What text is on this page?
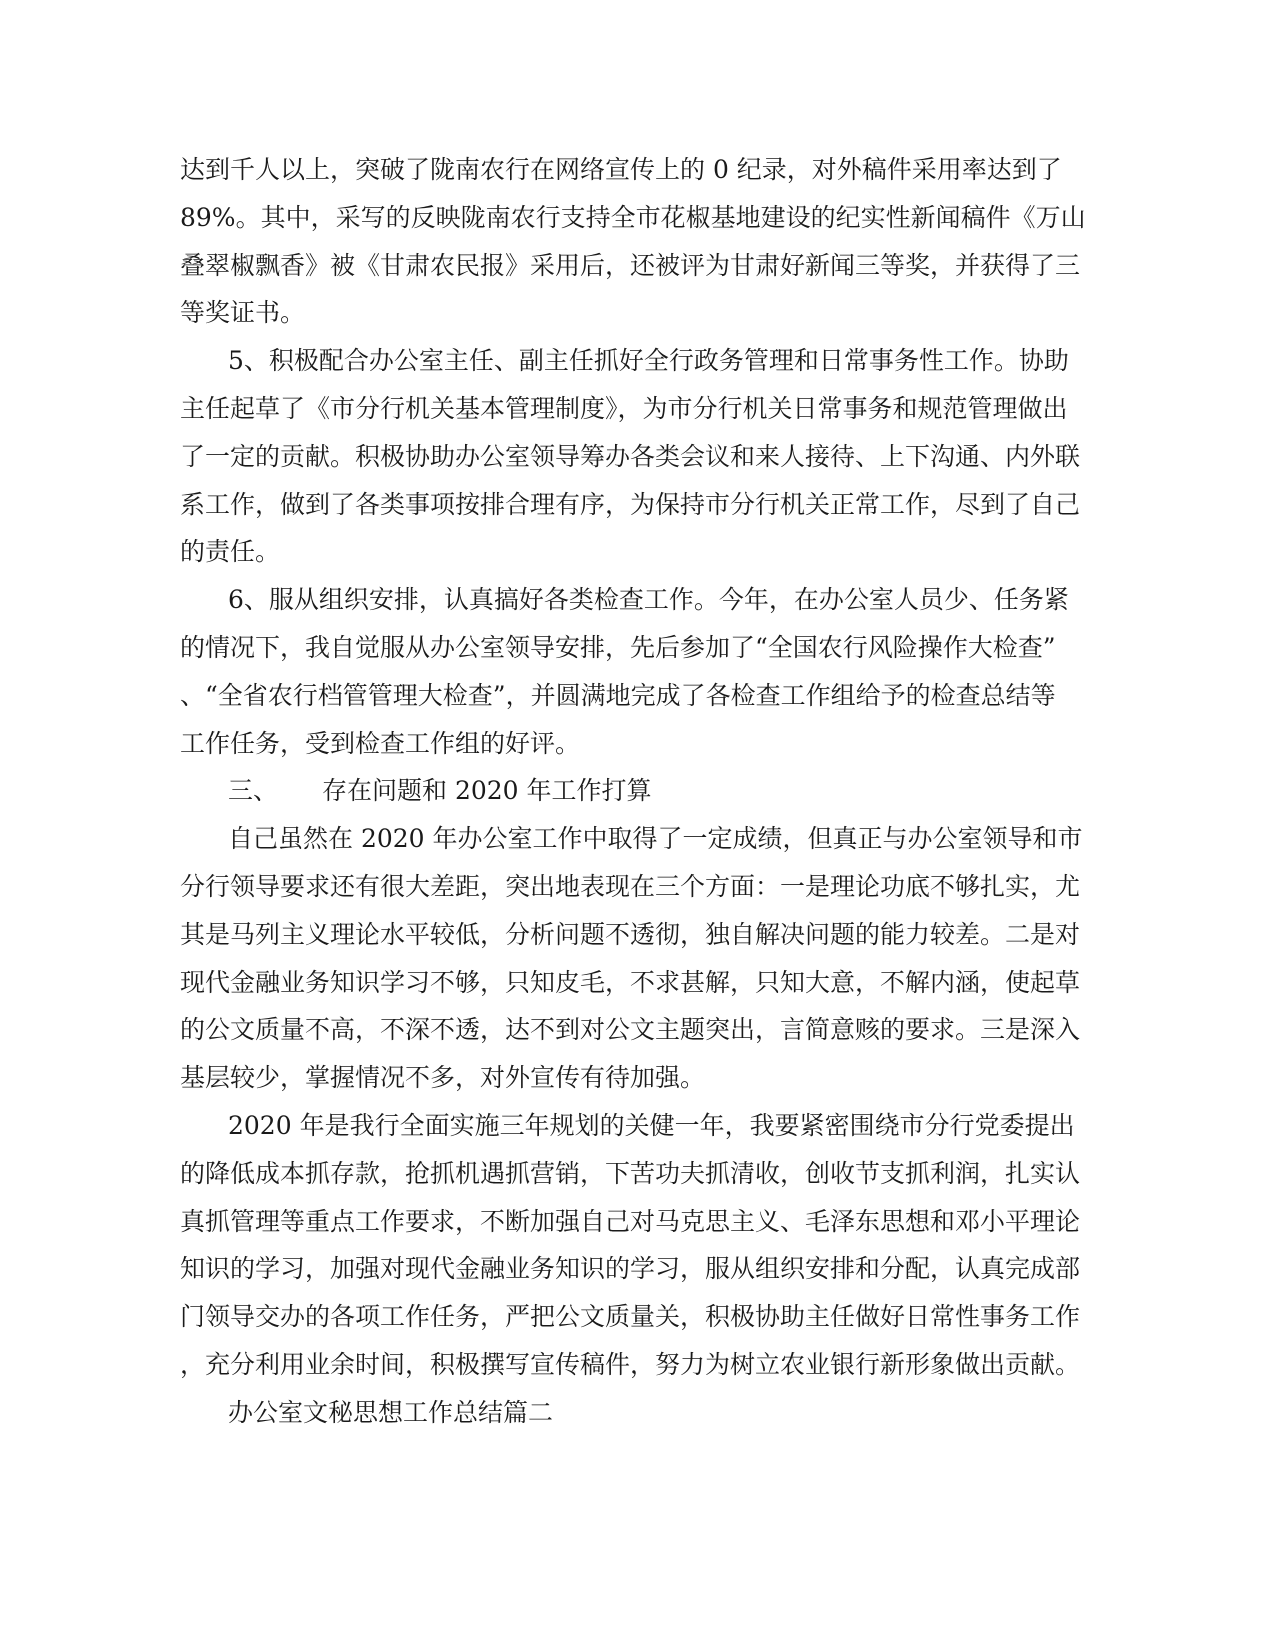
达到千人以上，突破了陇南农行在网络宣传上的 0 纪录，对外稿件采用率达到了
89%。其中，采写的反映陇南农行支持全市花椒基地建设的纪实性新闻稿件《万山
叠翠椒飘香》被《甘肃农民报》采用后，还被评为甘肃好新闻三等奖，并获得了三
等奖证书。
5、积极配合办公室主任、副主任抓好全行政务管理和日常事务性工作。协助
主任起草了《市分行机关基本管理制度》，为市分行机关日常事务和规范管理做出
了一定的贡献。积极协助办公室领导筹办各类会议和来人接待、上下沟通、内外联
系工作，做到了各类事项按排合理有序，为保持市分行机关正常工作，尽到了自己
的责任。
6、服从组织安排，认真搞好各类检查工作。今年，在办公室人员少、任务紧
的情况下，我自觉服从办公室领导安排，先后参加了“全国农行风险操作大检查”
、“全省农行档管管理大检查”，并圆满地完成了各检查工作组给予的检查总结等
工作任务，受到检查工作组的好评。
三、 存在问题和 2020 年工作打算
自己虽然在 2020 年办公室工作中取得了一定成绩，但真正与办公室领导和市
分行领导要求还有很大差距，突出地表现在三个方面：一是理论功底不够扎实，尤
其是马列主义理论水平较低，分析问题不透彻，独自解决问题的能力较差。二是对
现代金融业务知识学习不够，只知皮毛，不求甚解，只知大意，不解内涵，使起草
的公文质量不高，不深不透，达不到对公文主题突出，言简意赅的要求。三是深入
基层较少，掌握情况不多，对外宣传有待加强。
2020 年是我行全面实施三年规划的关健一年，我要紧密围绕市分行党委提出
的降低成本抓存款，抢抓机遇抓营销，下苦功夫抓清收，创收节支抓利润，扎实认
真抓管理等重点工作要求，不断加强自己对马克思主义、毛泽东思想和邓小平理论
知识的学习，加强对现代金融业务知识的学习，服从组织安排和分配，认真完成部
门领导交办的各项工作任务，严把公文质量关，积极协助主任做好日常性事务工作
，充分利用业余时间，积极撰写宣传稿件，努力为树立农业银行新形象做出贡献。
办公室文秘思想工作总结篇二
